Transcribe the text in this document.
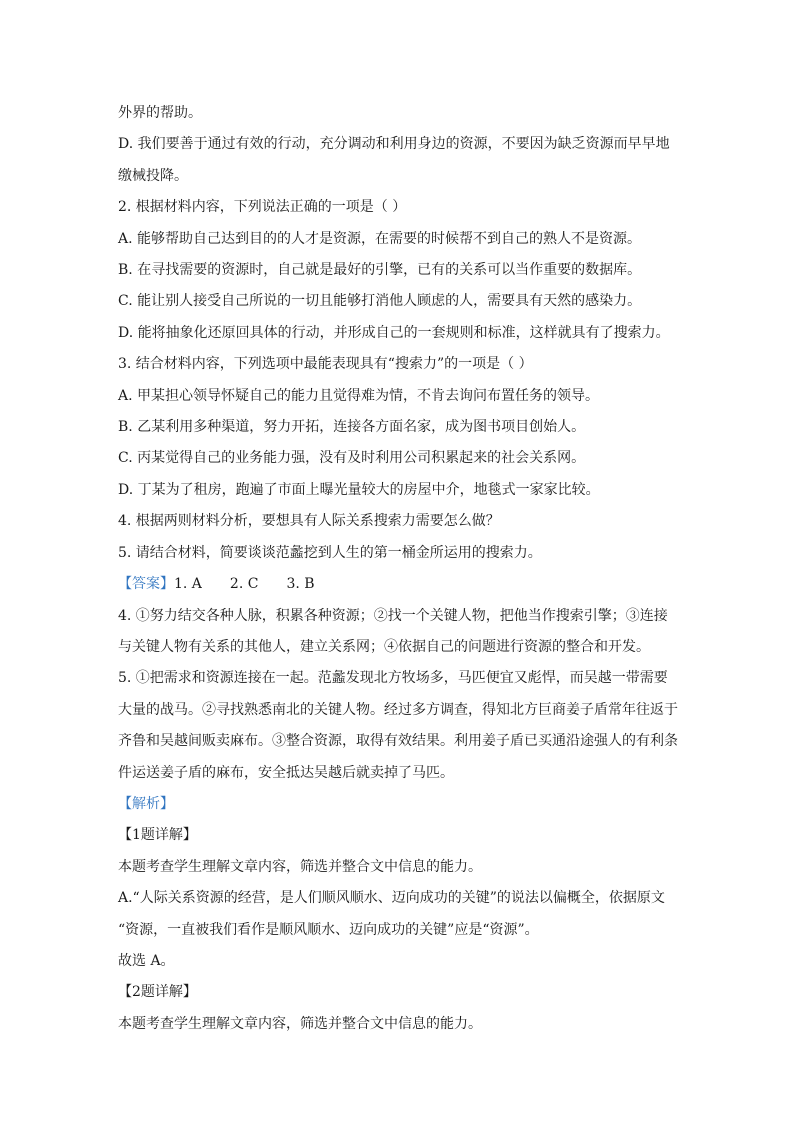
外界的帮助。
D. 我们要善于通过有效的行动，充分调动和利用身边的资源，不要因为缺乏资源而早早地
缴械投降。
2. 根据材料内容，下列说法正确的一项是（ ）
A. 能够帮助自己达到目的的人才是资源，在需要的时候帮不到自己的熟人不是资源。
B. 在寻找需要的资源时，自己就是最好的引擎，已有的关系可以当作重要的数据库。
C. 能让别人接受自己所说的一切且能够打消他人顾虑的人，需要具有天然的感染力。
D. 能将抽象化还原回具体的行动，并形成自己的一套规则和标准，这样就具有了搜索力。
3. 结合材料内容，下列选项中最能表现具有“搜索力”的一项是（ ）
A. 甲某担心领导怀疑自己的能力且觉得难为情，不肯去询问布置任务的领导。
B. 乙某利用多种渠道，努力开拓，连接各方面名家，成为图书项目创始人。
C. 丙某觉得自己的业务能力强，没有及时利用公司积累起来的社会关系网。
D. 丁某为了租房，跑遍了市面上曝光量较大的房屋中介，地毯式一家家比较。
4. 根据两则材料分析，要想具有人际关系搜索力需要怎么做？
5. 请结合材料，简要谈谈范蠡挖到人生的第一桶金所运用的搜索力。
【答案】1. A 2. C 3. B
4. ①努力结交各种人脉，积累各种资源；②找一个关键人物，把他当作搜索引擎；③连接
与关键人物有关系的其他人，建立关系网；④依据自己的问题进行资源的整合和开发。
5. ①把需求和资源连接在一起。范蠡发现北方牧场多，马匹便宜又彪悍，而吴越一带需要
大量的战马。②寻找熟悉南北的关键人物。经过多方调查，得知北方巨商姜子盾常年往返于
齐鲁和吴越间贩卖麻布。③整合资源，取得有效结果。利用姜子盾已买通沿途强人的有利条
件运送姜子盾的麻布，安全抵达吴越后就卖掉了马匹。
【解析】
【1题详解】
本题考查学生理解文章内容，筛选并整合文中信息的能力。
A.“人际关系资源的经营，是人们顺风顺水、迈向成功的关键”的说法以偏概全，依据原文
“资源，一直被我们看作是顺风顺水、迈向成功的关键”应是“资源”。
故选 A。
【2题详解】
本题考查学生理解文章内容，筛选并整合文中信息的能力。
